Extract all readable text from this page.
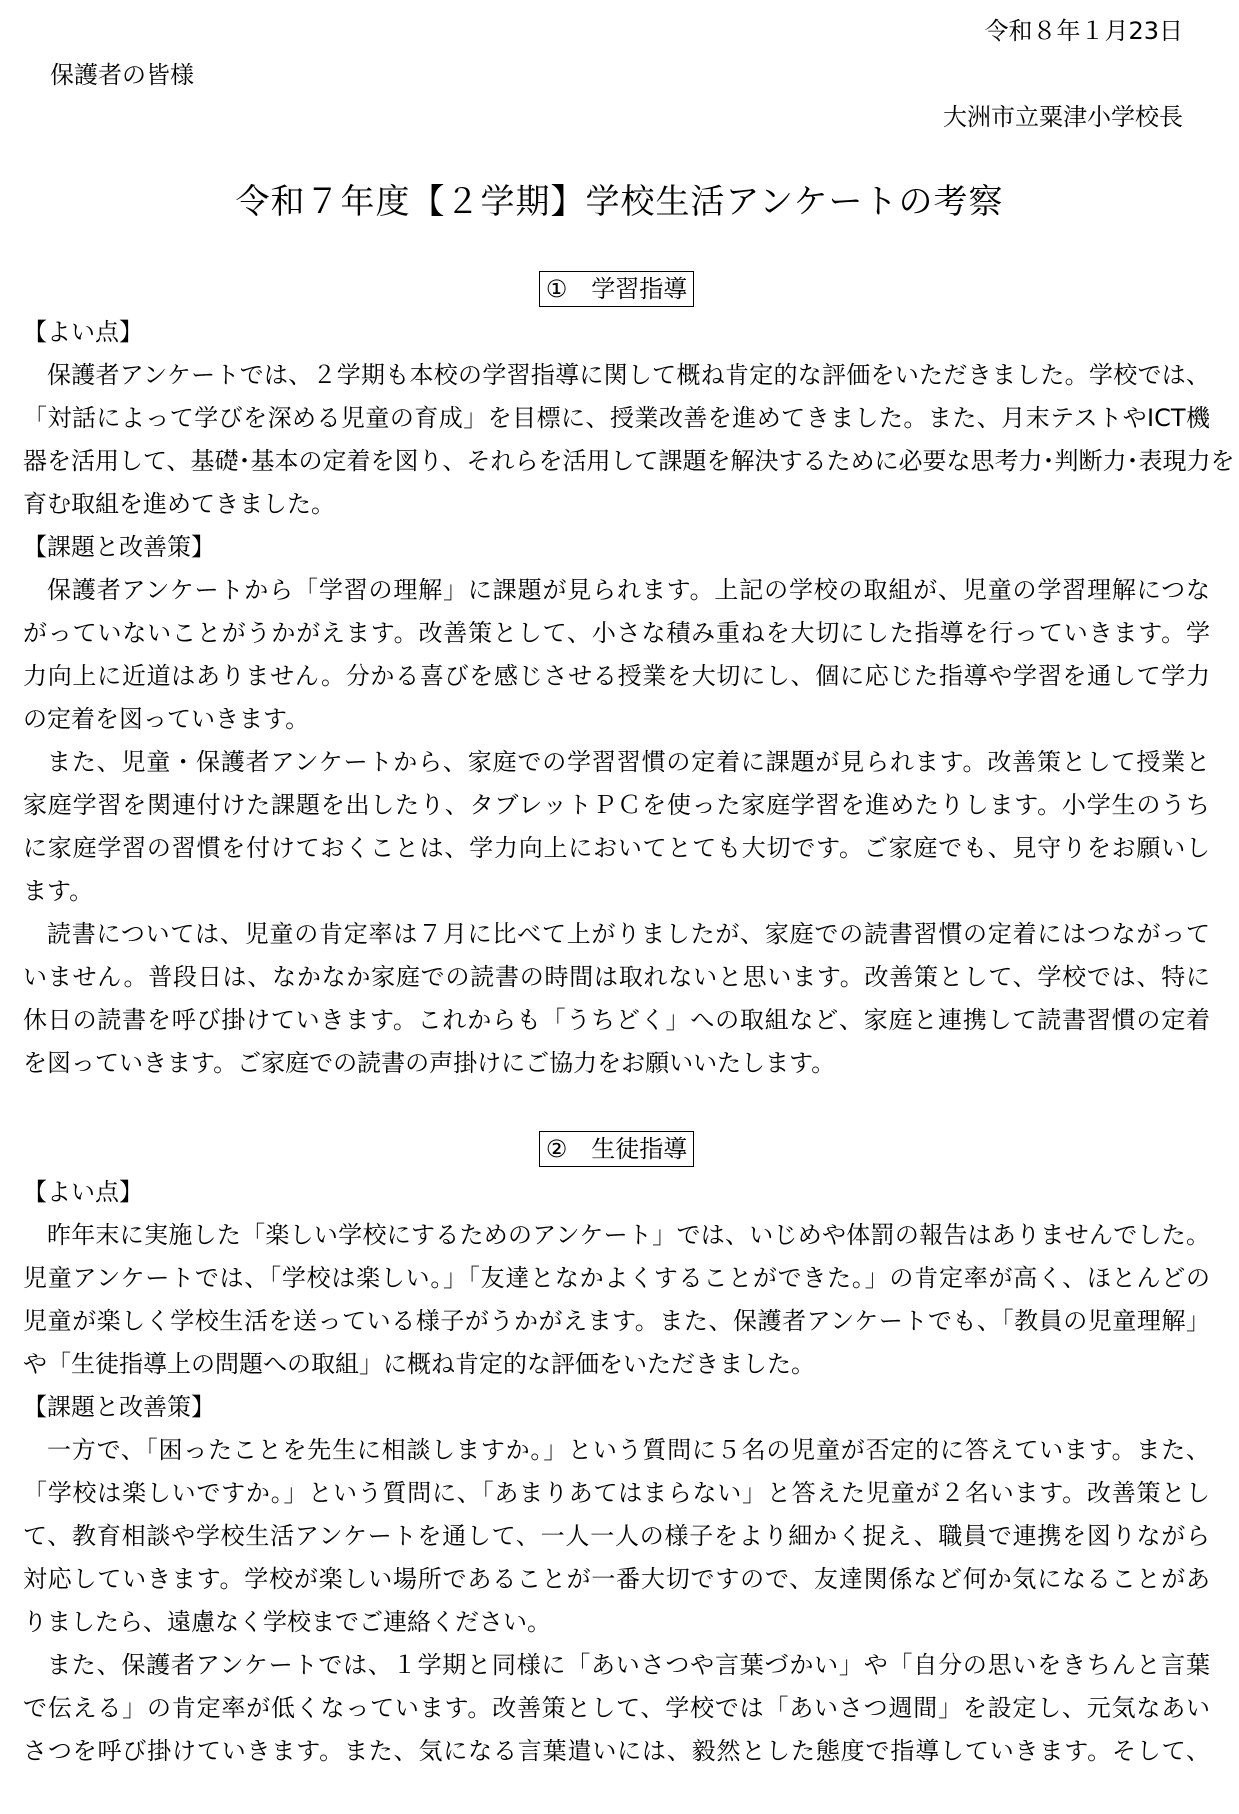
令和８年１月23日
保護者の皆様
大洲市立粟津小学校長
令和７年度【２学期】学校生活アンケートの考察
①　学習指導
【よい点】
保護者アンケートでは、２学期も本校の学習指導に関して概ね肯定的な評価をいただきました。学校では、
「対話によって学びを深める児童の育成」を目標に、授業改善を進めてきました。また、月末テストやICT機
器を活用して、基礎･基本の定着を図り、それらを活用して課題を解決するために必要な思考力･判断力･表現力を
育む取組を進めてきました。
【課題と改善策】
保護者アンケートから「学習の理解」に課題が見られます。上記の学校の取組が、児童の学習理解につな
がっていないことがうかがえます。改善策として、小さな積み重ねを大切にした指導を行っていきます。学
力向上に近道はありません。分かる喜びを感じさせる授業を大切にし、個に応じた指導や学習を通して学力
の定着を図っていきます。
また、児童・保護者アンケートから、家庭での学習習慣の定着に課題が見られます。改善策として授業と
家庭学習を関連付けた課題を出したり、タブレットＰＣを使った家庭学習を進めたりします。小学生のうち
に家庭学習の習慣を付けておくことは、学力向上においてとても大切です。ご家庭でも、見守りをお願いし
ます。
読書については、児童の肯定率は７月に比べて上がりましたが、家庭での読書習慣の定着にはつながって
いません。普段日は、なかなか家庭での読書の時間は取れないと思います。改善策として、学校では、特に
休日の読書を呼び掛けていきます。これからも「うちどく」への取組など、家庭と連携して読書習慣の定着
を図っていきます。ご家庭での読書の声掛けにご協力をお願いいたします。
②　生徒指導
【よい点】
昨年末に実施した「楽しい学校にするためのアンケート」では、いじめや体罰の報告はありませんでした。
児童アンケートでは、「学校は楽しい。」「友達となかよくすることができた。」の肯定率が高く、ほとんどの
児童が楽しく学校生活を送っている様子がうかがえます。また、保護者アンケートでも、「教員の児童理解」
や「生徒指導上の問題への取組」に概ね肯定的な評価をいただきました。
【課題と改善策】
一方で、「困ったことを先生に相談しますか。」という質問に５名の児童が否定的に答えています。また、
「学校は楽しいですか。」という質問に、「あまりあてはまらない」と答えた児童が２名います。改善策とし
て、教育相談や学校生活アンケートを通して、一人一人の様子をより細かく捉え、職員で連携を図りながら
対応していきます。学校が楽しい場所であることが一番大切ですので、友達関係など何か気になることがあ
りましたら、遠慮なく学校までご連絡ください。
また、保護者アンケートでは、１学期と同様に「あいさつや言葉づかい」や「自分の思いをきちんと言葉
で伝える」の肯定率が低くなっています。改善策として、学校では「あいさつ週間」を設定し、元気なあい
さつを呼び掛けていきます。また、気になる言葉遣いには、毅然とした態度で指導していきます。そして、
